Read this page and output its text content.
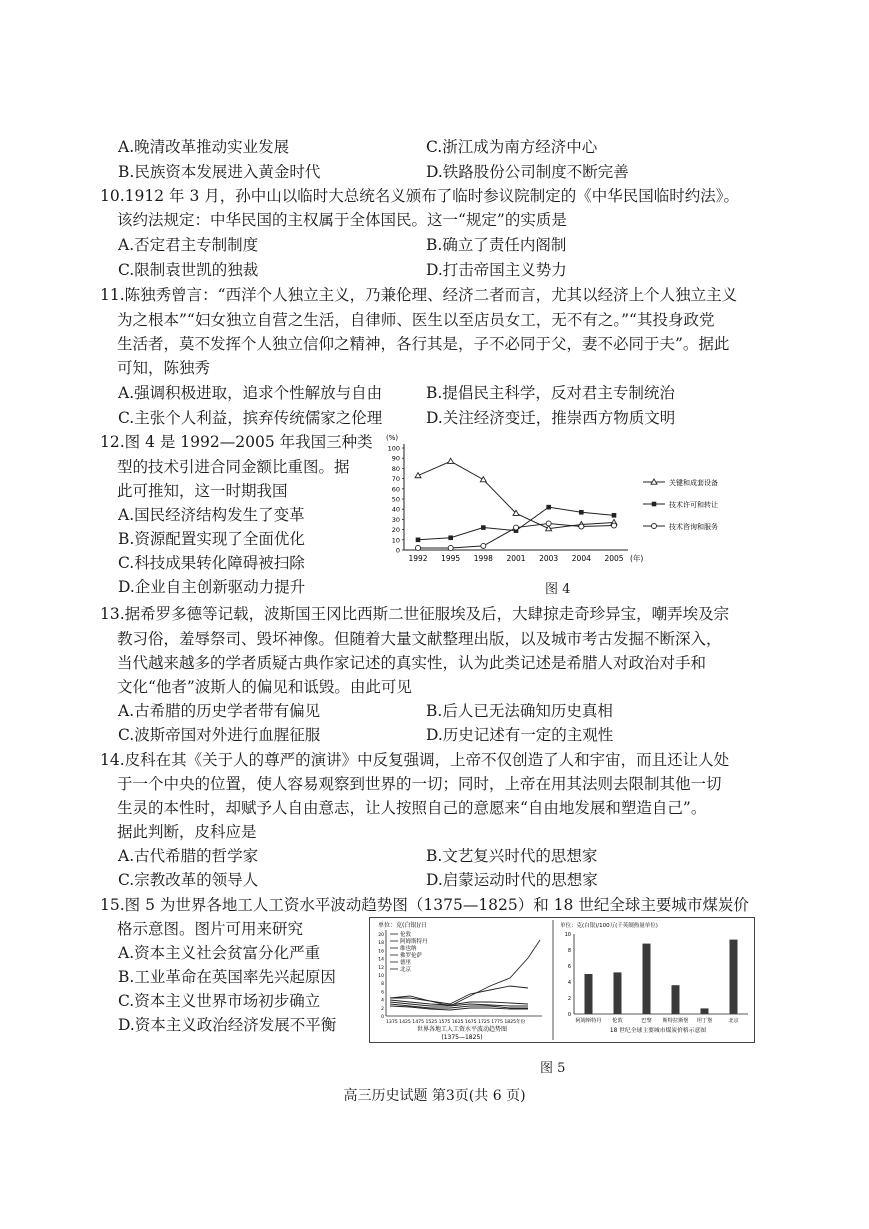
A.晚清改革推动实业发展	C.浙江成为南方经济中心
B.民族资本发展进入黄金时代	D.铁路股份公司制度不断完善
10.1912 年 3 月，孙中山以临时大总统名义颁布了临时参议院制定的《中华民国临时约法》。
该约法规定：中华民国的主权属于全体国民。这一“规定”的实质是
A.否定君主专制制度	B.确立了责任内阁制
C.限制袁世凯的独裁	D.打击帝国主义势力
11.陈独秀曾言：“西洋个人独立主义，乃兼伦理、经济二者而言，尤其以经济上个人独立主义
为之根本”“妇女独立自营之生活，自律师、医生以至店员女工，无不有之。”“其投身政党
生活者，莫不发挥个人独立信仰之精神，各行其是，子不必同于父，妻不必同于夫”。据此
可知，陈独秀
A.强调积极进取，追求个性解放与自由	B.提倡民主科学，反对君主专制统治
C.主张个人利益，摈弃传统儒家之伦理	D.关注经济变迁，推崇西方物质文明
12.图 4 是 1992—2005 年我国三种类
型的技术引进合同金额比重图。据
此可推知，这一时期我国
A.国民经济结构发生了变革
B.资源配置实现了全面优化
C.科技成果转化障碍被扫除
D.企业自主创新驱动力提升
(%)
0
10
20
30
40
50
60
70
80
90
100
1992 1995 1998 2001 2003 2004 2005 (年)
关键和成套设备
技术许可和转让
技术咨询和服务
图 4
13.据希罗多德等记载，波斯国王冈比西斯二世征服埃及后，大肆掠走奇珍异宝，嘲弄埃及宗
教习俗，羞辱祭司、毁坏神像。但随着大量文献整理出版，以及城市考古发掘不断深入，
当代越来越多的学者质疑古典作家记述的真实性，认为此类记述是希腊人对政治对手和
文化“他者”波斯人的偏见和诋毁。由此可见
A.古希腊的历史学者带有偏见	B.后人已无法确知历史真相
C.波斯帝国对外进行血腥征服	D.历史记述有一定的主观性
14.皮科在其《关于人的尊严的演讲》中反复强调，上帝不仅创造了人和宇宙，而且还让人处
于一个中央的位置，使人容易观察到世界的一切；同时，上帝在用其法则去限制其他一切
生灵的本性时，却赋予人自由意志，让人按照自己的意愿来“自由地发展和塑造自己”。
据此判断，皮科应是
A.古代希腊的哲学家	B.文艺复兴时代的思想家
C.宗教改革的领导人	D.启蒙运动时代的思想家
15.图 5 为世界各地工人工资水平波动趋势图（1375—1825）和 18 世纪全球主要城市煤炭价
格示意图。图片可用来研究
A.资本主义社会贫富分化严重
B.工业革命在英国率先兴起原因
C.资本主义世界市场初步确立
D.资本主义政治经济发展不平衡
单位：克(白银)/日
0
2
4
6
8
10
12
14
16
18
20	伦敦
阿姆斯特丹
维也纳
佛罗伦萨
德里
北京
1375 1425 1475 1525 1575 1625 1675 1725 1775 1825年份
世界各地工人工资水平波动趋势图
(1375—1825)
单位：克(白银)/100万(千英制热量单位)
0
2
4
6
8
10
阿姆斯特丹 伦敦	巴黎 斯特拉斯堡 坦丁堡	北京
18 世纪全球主要城市煤炭价格示意图
图 5
高三历史试题 第3页(共 6 页)
